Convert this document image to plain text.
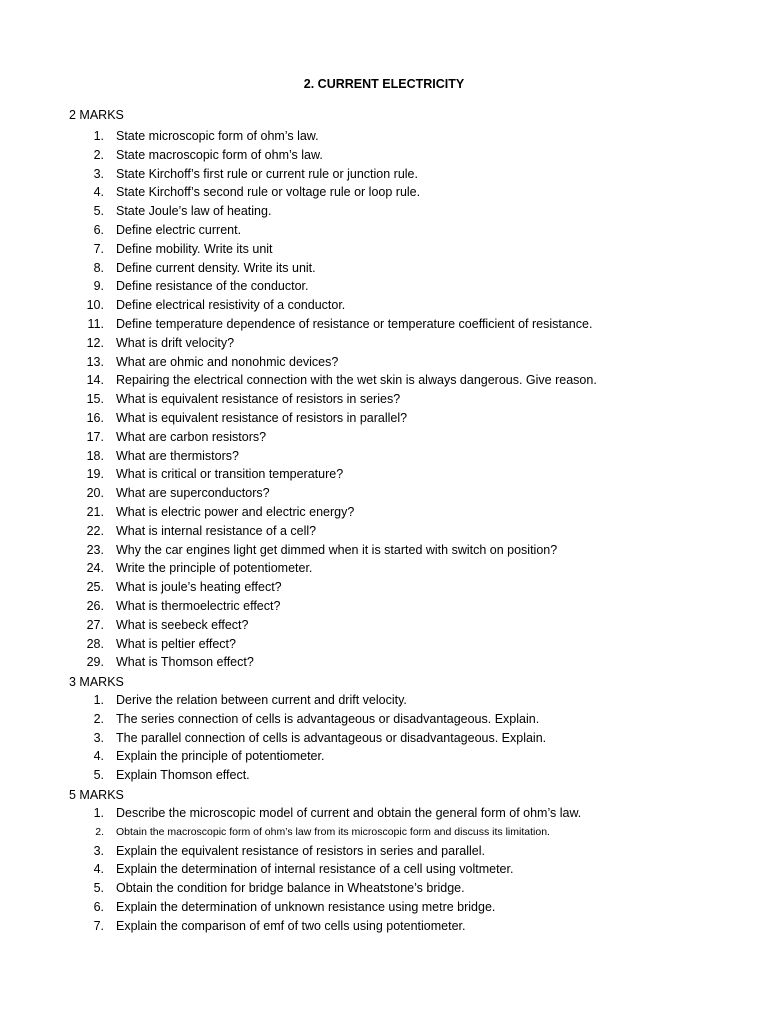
2. CURRENT ELECTRICITY
2 MARKS
1. State microscopic form of ohm’s law.
2. State macroscopic form of ohm’s law.
3. State Kirchoff’s first rule or current rule or junction rule.
4. State Kirchoff’s second rule or voltage rule or loop rule.
5. State Joule’s law of heating.
6. Define electric current.
7. Define mobility. Write its unit
8. Define current density. Write its unit.
9. Define resistance of the conductor.
10. Define electrical resistivity of a conductor.
11. Define temperature dependence of resistance or temperature coefficient of resistance.
12. What is drift velocity?
13. What are ohmic and nonohmic devices?
14. Repairing the electrical connection with the wet skin is always dangerous. Give reason.
15. What is equivalent resistance of resistors in series?
16. What is equivalent resistance of resistors in parallel?
17. What are carbon resistors?
18. What are thermistors?
19. What is critical or transition temperature?
20. What are superconductors?
21. What is electric power and electric energy?
22. What is internal resistance of a cell?
23. Why the car engines light get dimmed when it is started with switch on position?
24. Write the principle of potentiometer.
25. What is joule’s heating effect?
26. What is thermoelectric effect?
27. What is seebeck effect?
28. What is peltier effect?
29. What is Thomson effect?
3 MARKS
1. Derive the relation between current and drift velocity.
2. The series connection of cells is advantageous or disadvantageous. Explain.
3. The parallel connection of cells is advantageous or disadvantageous. Explain.
4. Explain the principle of potentiometer.
5. Explain Thomson effect.
5 MARKS
1. Describe the microscopic model of current and obtain the general form of ohm’s law.
2. Obtain the macroscopic form of ohm’s law from its microscopic form and discuss its limitation.
3. Explain the equivalent resistance of resistors in series and parallel.
4. Explain the determination of internal resistance of a cell using voltmeter.
5. Obtain the condition for bridge balance in Wheatstone’s bridge.
6. Explain the determination of unknown resistance using metre bridge.
7. Explain the comparison of emf of two cells using potentiometer.
